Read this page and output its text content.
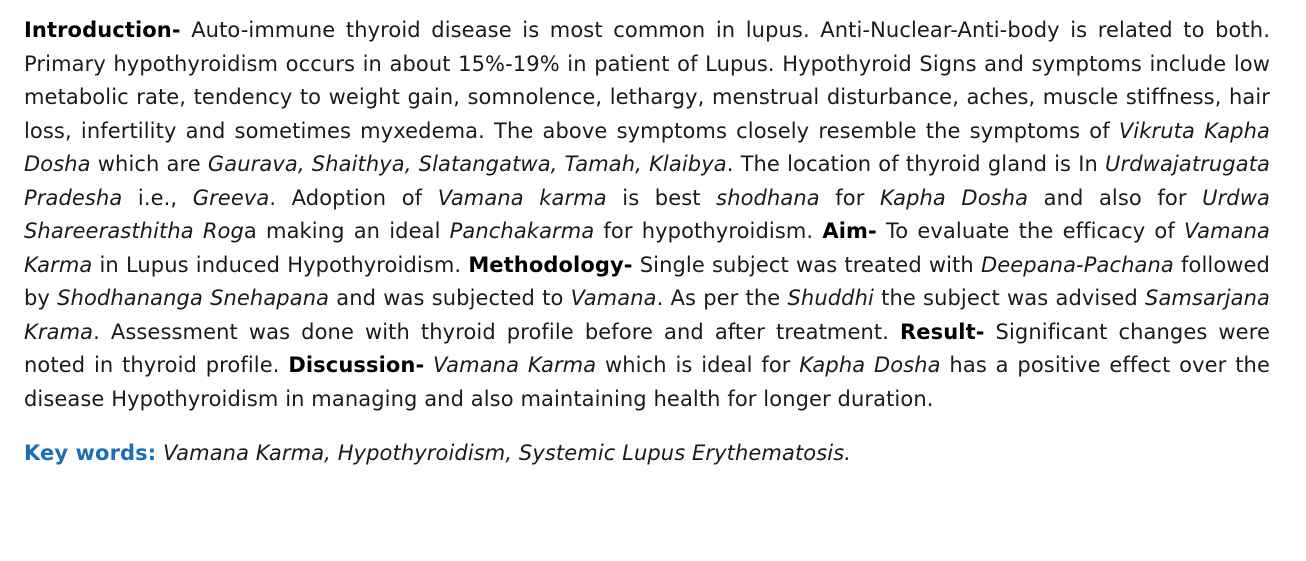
Introduction- Auto-immune thyroid disease is most common in lupus. Anti-Nuclear-Anti-body is related to both. Primary hypothyroidism occurs in about 15%-19% in patient of Lupus. Hypothyroid Signs and symptoms include low metabolic rate, tendency to weight gain, somnolence, lethargy, menstrual disturbance, aches, muscle stiffness, hair loss, infertility and sometimes myxedema. The above symptoms closely resemble the symptoms of Vikruta Kapha Dosha which are Gaurava, Shaithya, Slatangatwa, Tamah, Klaibya. The location of thyroid gland is In Urdwajatrugata Pradesha i.e., Greeva. Adoption of Vamana karma is best shodhana for Kapha Dosha and also for Urdwa Shareerasthitha Roga making an ideal Panchakarma for hypothyroidism. Aim- To evaluate the efficacy of Vamana Karma in Lupus induced Hypothyroidism. Methodology- Single subject was treated with Deepana-Pachana followed by Shodhananga Snehapana and was subjected to Vamana. As per the Shuddhi the subject was advised Samsarjana Krama. Assessment was done with thyroid profile before and after treatment. Result- Significant changes were noted in thyroid profile. Discussion- Vamana Karma which is ideal for Kapha Dosha has a positive effect over the disease Hypothyroidism in managing and also maintaining health for longer duration.

Key words: Vamana Karma, Hypothyroidism, Systemic Lupus Erythematosis.
